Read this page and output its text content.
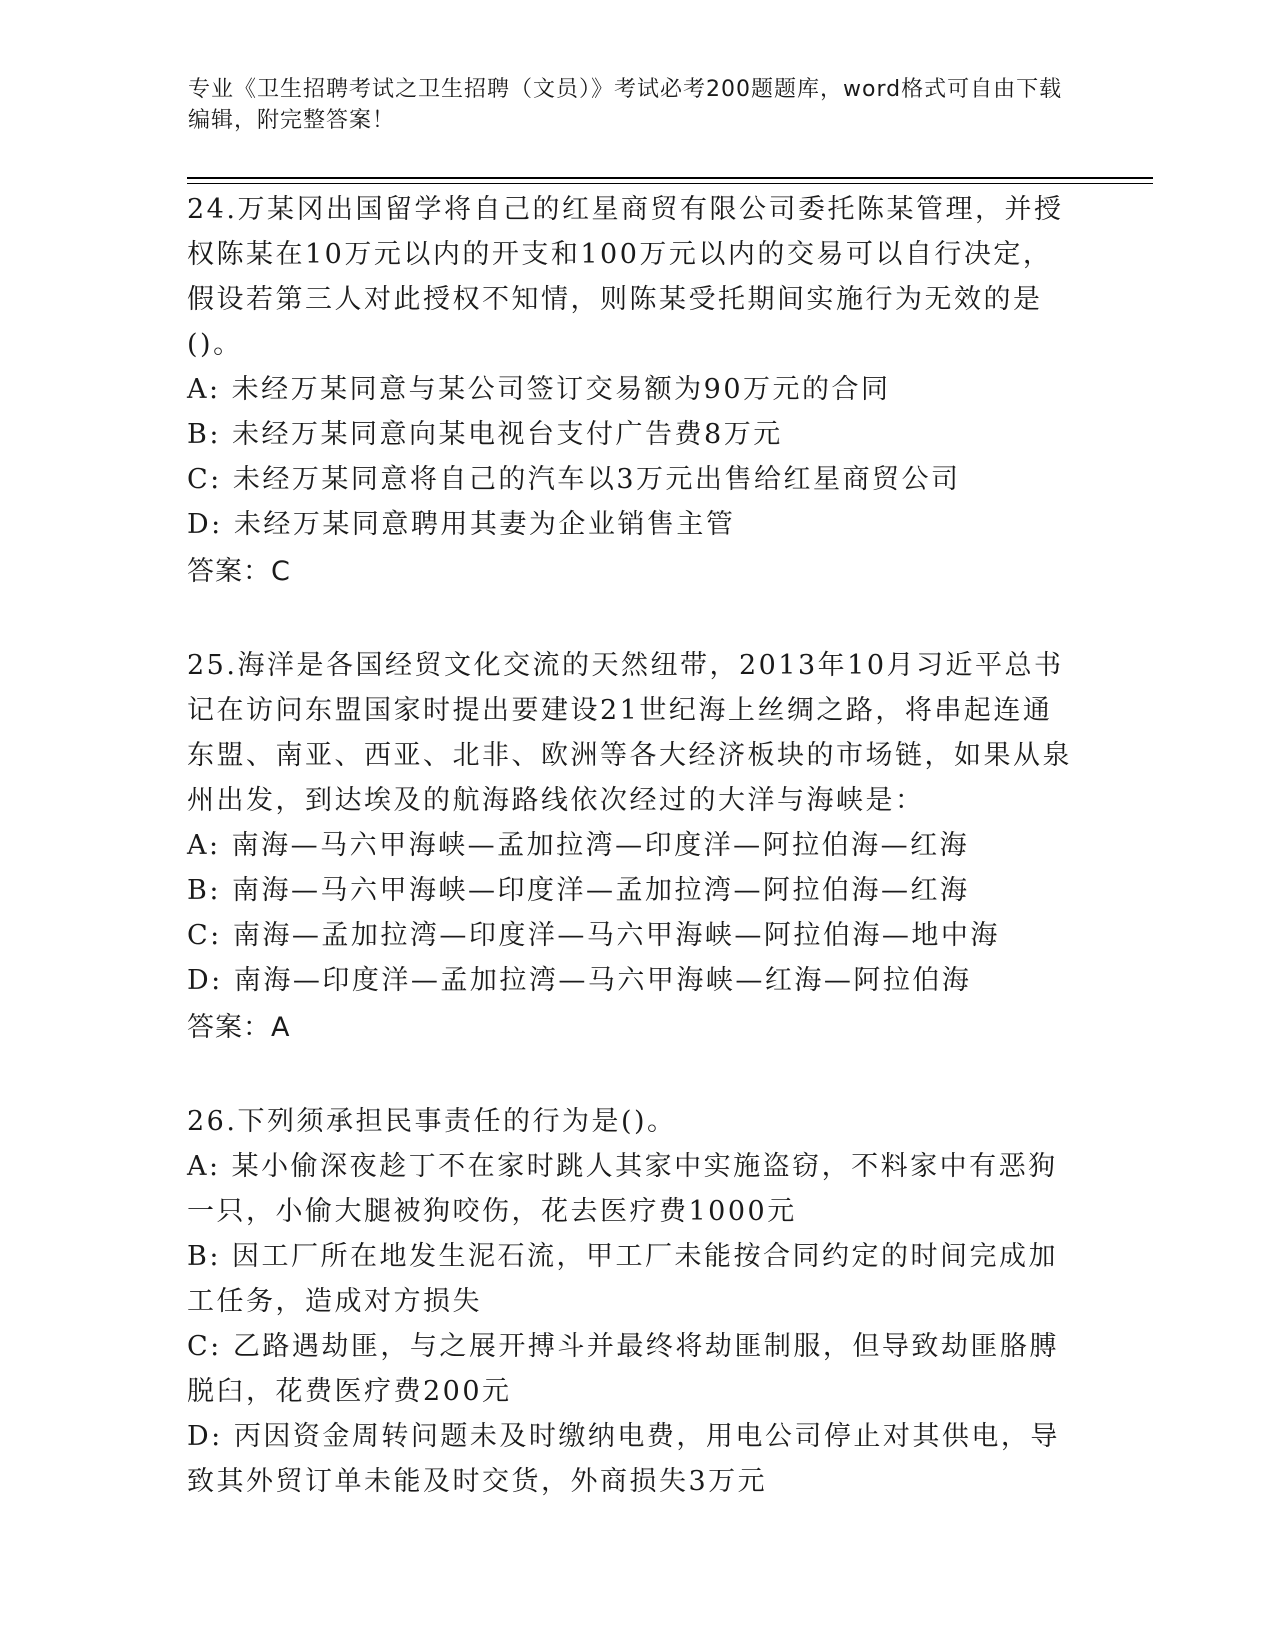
专业《卫生招聘考试之卫生招聘（文员）》考试必考200题题库，word格式可自由下载编辑，附完整答案！
24.万某冈出国留学将自己的红星商贸有限公司委托陈某管理，并授权陈某在10万元以内的开支和100万元以内的交易可以自行决定，假设若第三人对此授权不知情，则陈某受托期间实施行为无效的是()。
A: 未经万某同意与某公司签订交易额为90万元的合同
B: 未经万某同意向某电视台支付广告费8万元
C: 未经万某同意将自己的汽车以3万元出售给红星商贸公司
D: 未经万某同意聘用其妻为企业销售主管
答案：C
25.海洋是各国经贸文化交流的天然纽带，2013年10月习近平总书记在访问东盟国家时提出要建设21世纪海上丝绸之路，将串起连通东盟、南亚、西亚、北非、欧洲等各大经济板块的市场链，如果从泉州出发，到达埃及的航海路线依次经过的大洋与海峡是：
A: 南海—马六甲海峡—孟加拉湾—印度洋—阿拉伯海—红海
B: 南海—马六甲海峡—印度洋—孟加拉湾—阿拉伯海—红海
C: 南海—孟加拉湾—印度洋—马六甲海峡—阿拉伯海—地中海
D: 南海—印度洋—孟加拉湾—马六甲海峡—红海—阿拉伯海
答案：A
26.下列须承担民事责任的行为是()。
A: 某小偷深夜趁丁不在家时跳人其家中实施盗窃，不料家中有恶狗一只，小偷大腿被狗咬伤，花去医疗费1000元
B: 因工厂所在地发生泥石流，甲工厂未能按合同约定的时间完成加工任务，造成对方损失
C: 乙路遇劫匪，与之展开搏斗并最终将劫匪制服，但导致劫匪胳膊脱臼，花费医疗费200元
D: 丙因资金周转问题未及时缴纳电费，用电公司停止对其供电，导致其外贸订单未能及时交货，外商损失3万元
